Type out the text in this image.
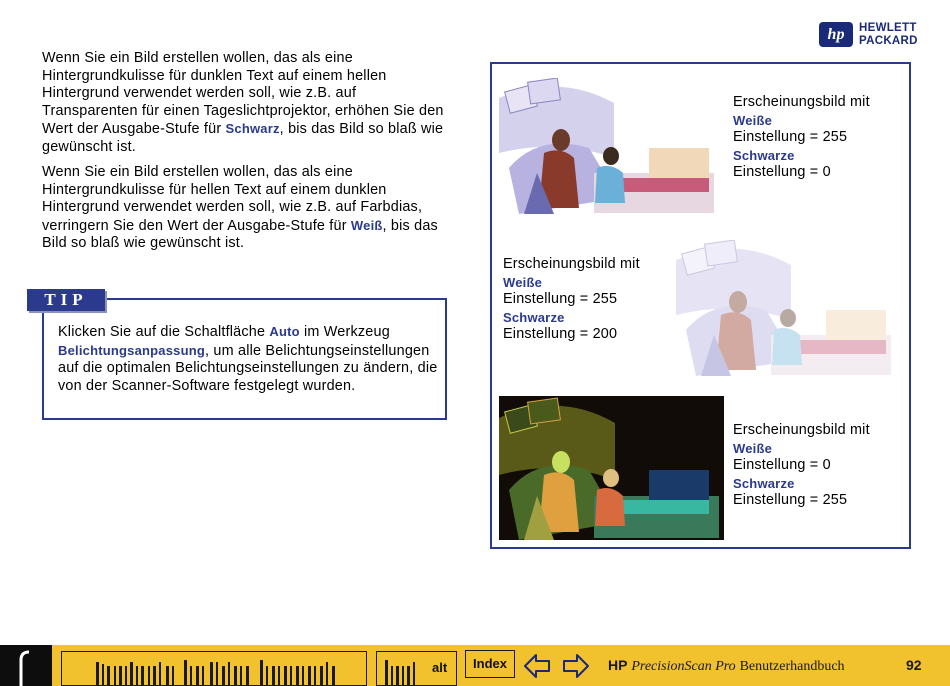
hp	HEWLETT
PACKARD
Wenn Sie ein Bild erstellen wollen, das als eine Hintergrundkulisse für dunklen Text auf einem hellen Hintergrund verwendet werden soll, wie z.B. auf Transparenten für einen Tageslichtprojektor, erhöhen Sie den Wert der Ausgabe-Stufe für Schwarz, bis das Bild so blaß wie gewünscht ist.
Wenn Sie ein Bild erstellen wollen, das als eine Hintergrundkulisse für hellen Text auf einem dunklen Hintergrund verwendet werden soll, wie z.B. auf Farbdias, verringern Sie den Wert der Ausgabe-Stufe für Weiß, bis das Bild so blaß wie gewünscht ist.
TIP
Klicken Sie auf die Schaltfläche Auto im Werkzeug Belichtungsanpassung, um alle Belichtungseinstellungen auf die optimalen Belichtungseinstellungen zu ändern, die von der Scanner-Software festgelegt wurden.
Erscheinungsbild mit
Weiße
Einstellung = 255
Schwarze
Einstellung = 0
Erscheinungsbild mit
Weiße
Einstellung = 255
Schwarze
Einstellung = 200
Erscheinungsbild mit
Weiße
Einstellung = 0
Schwarze
Einstellung = 255
alt	Index	HP PrecisionScan Pro Benutzerhandbuch	92
